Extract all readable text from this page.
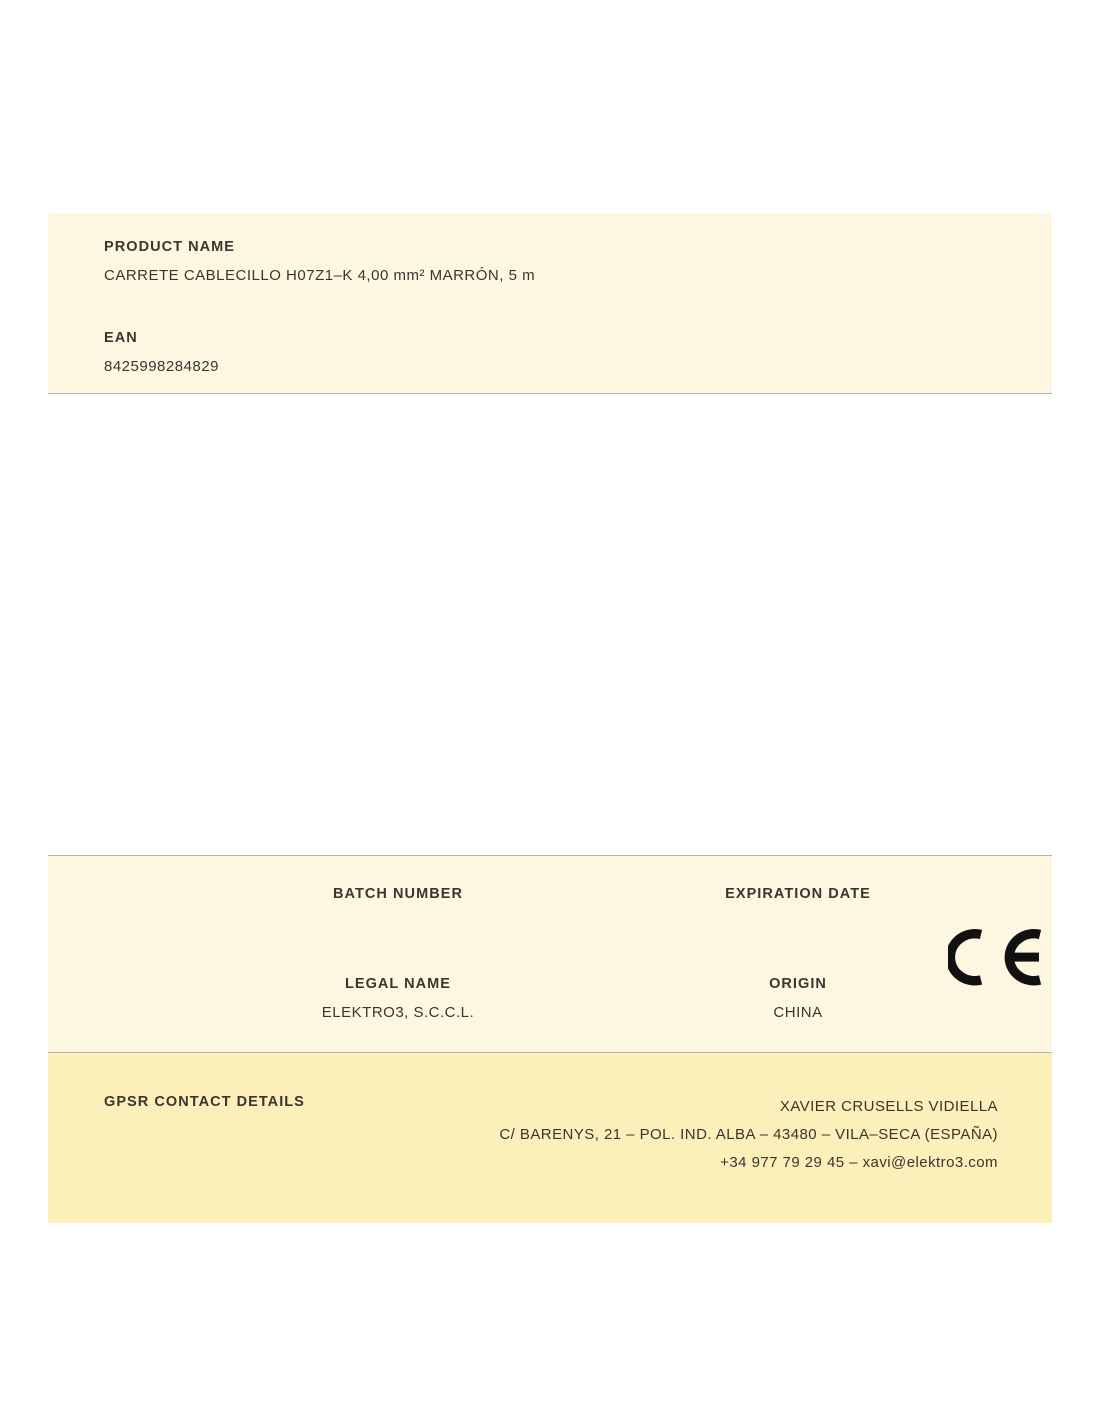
PRODUCT NAME
CARRETE CABLECILLO H07Z1–K 4,00 mm² MARRÓN, 5 m
EAN
8425998284829
BATCH NUMBER	EXPIRATION DATE
LEGAL NAME
ELEKTRO3, S.C.C.L.
ORIGIN
CHINA
GPSR CONTACT DETAILS	XAVIER CRUSELLS VIDIELLA
C/ BARENYS, 21 – POL. IND. ALBA – 43480 – VILA–SECA (ESPAÑA)
+34 977 79 29 45 – xavi@elektro3.com
